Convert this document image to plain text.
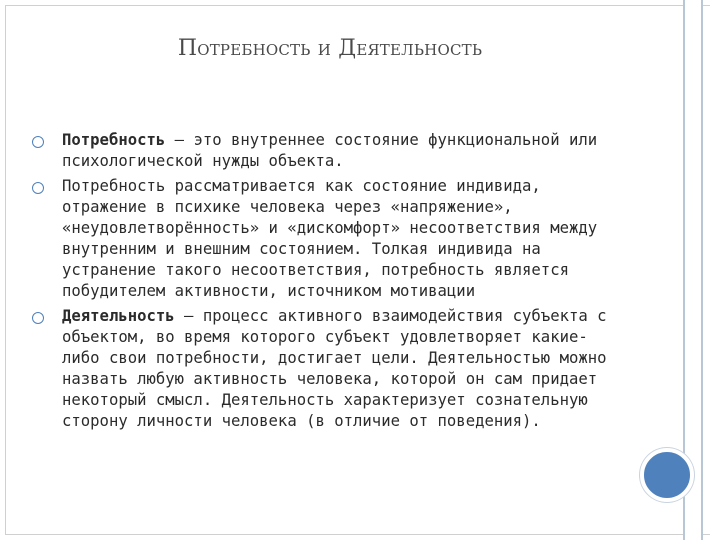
Потребность и Деятельность
Потребность – это внутреннее состояние функциональной или психологической нужды объекта.
Потребность рассматривается как состояние индивида, отражение в психике человека через «напряжение», «неудовлетворённость» и «дискомфорт» несоответствия между внутренним и внешним состоянием. Толкая индивида на устранение такого несоответствия, потребность является побудителем активности, источником мотивации
Деятельность — процесс активного взаимодействия субъекта с объектом, во время которого субъект удовлетворяет какие-либо свои потребности, достигает цели. Деятельностью можно назвать любую активность человека, которой он сам придает некоторый смысл. Деятельность характеризует сознательную сторону личности человека (в отличие от поведения).
